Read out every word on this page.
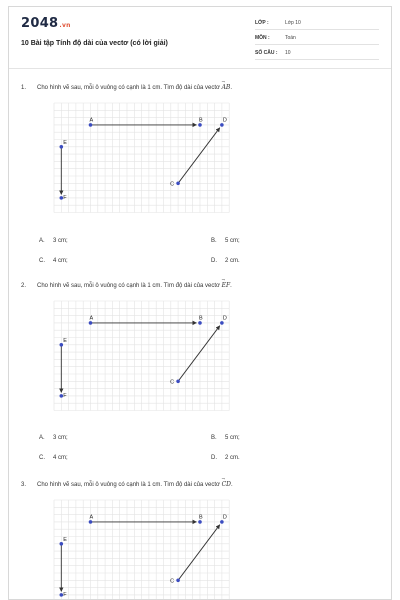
2048.vn
10 Bài tập Tính độ dài của vectơ (có lời giải)
LỚP :	Lớp 10
MÔN :	Toán
SỐ CÂU :	10
1. Cho hình vẽ sau, mỗi ô vuông có cạnh là 1 cm. Tìm độ dài của vectơ → AB.
A	B	D
C
E
F
A. 3 cm;	B. 5 cm;
C. 4 cm;	D. 2 cm.
2. Cho hình vẽ sau, mỗi ô vuông có cạnh là 1 cm. Tìm độ dài của vectơ → EF.
A	B	D
C
E
F
A. 3 cm;	B. 5 cm;
C. 4 cm;	D. 2 cm.
3. Cho hình vẽ sau, mỗi ô vuông có cạnh là 1 cm. Tìm độ dài của vectơ → CD.
A	B	D
C
E
F
